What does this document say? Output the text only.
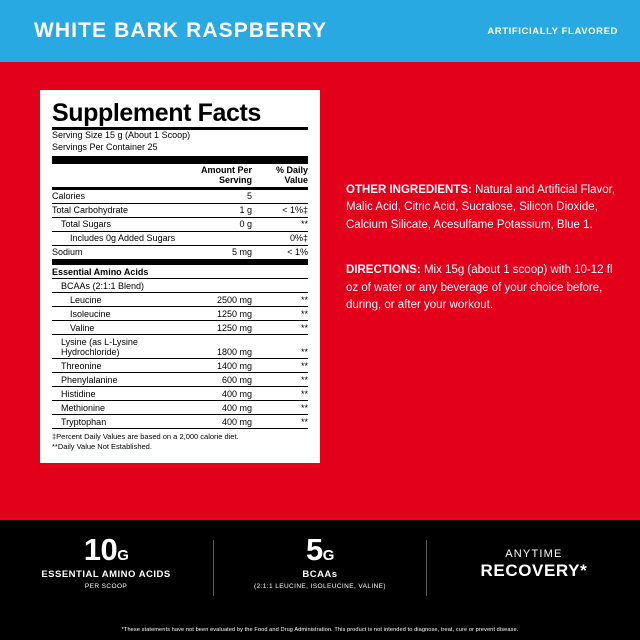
WHITE BARK RASPBERRY	ARTIFICIALLY FLAVORED
Supplement Facts
Serving Size 15 g (About 1 Scoop)
Servings Per Container 25
	Amount Per Serving	% Daily Value
Calories	5	
Total Carbohydrate	1 g	< 1%‡
Total Sugars	0 g	**
Includes 0g Added Sugars		0%‡
Sodium	5 mg	< 1%
Essential Amino Acids		
BCAAs (2:1:1 Blend)		
Leucine	2500 mg	**
Isoleucine	1250 mg	**
Valine	1250 mg	**
Lysine (as L-Lysine Hydrochloride)	1800 mg	**
Threonine	1400 mg	**
Phenylalanine	600 mg	**
Histidine	400 mg	**
Methionine	400 mg	**
Tryptophan	400 mg	**
‡Percent Daily Values are based on a 2,000 calorie diet.
**Daily Value Not Established.

OTHER INGREDIENTS: Natural and Artificial Flavor, Malic Acid, Citric Acid, Sucralose, Silicon Dioxide, Calcium Silicate, Acesulfame Potassium, Blue 1.

DIRECTIONS: Mix 15g (about 1 scoop) with 10-12 fl oz of water or any beverage of your choice before, during, or after your workout.

10G
ESSENTIAL AMINO ACIDS
PER SCOOP
5G
BCAAs
(2:1:1 LEUCINE, ISOLEUCINE, VALINE)
ANYTIME
RECOVERY*
*These statements have not been evaluated by the Food and Drug Administration. This product is not intended to diagnose, treat, cure or prevent disease.
